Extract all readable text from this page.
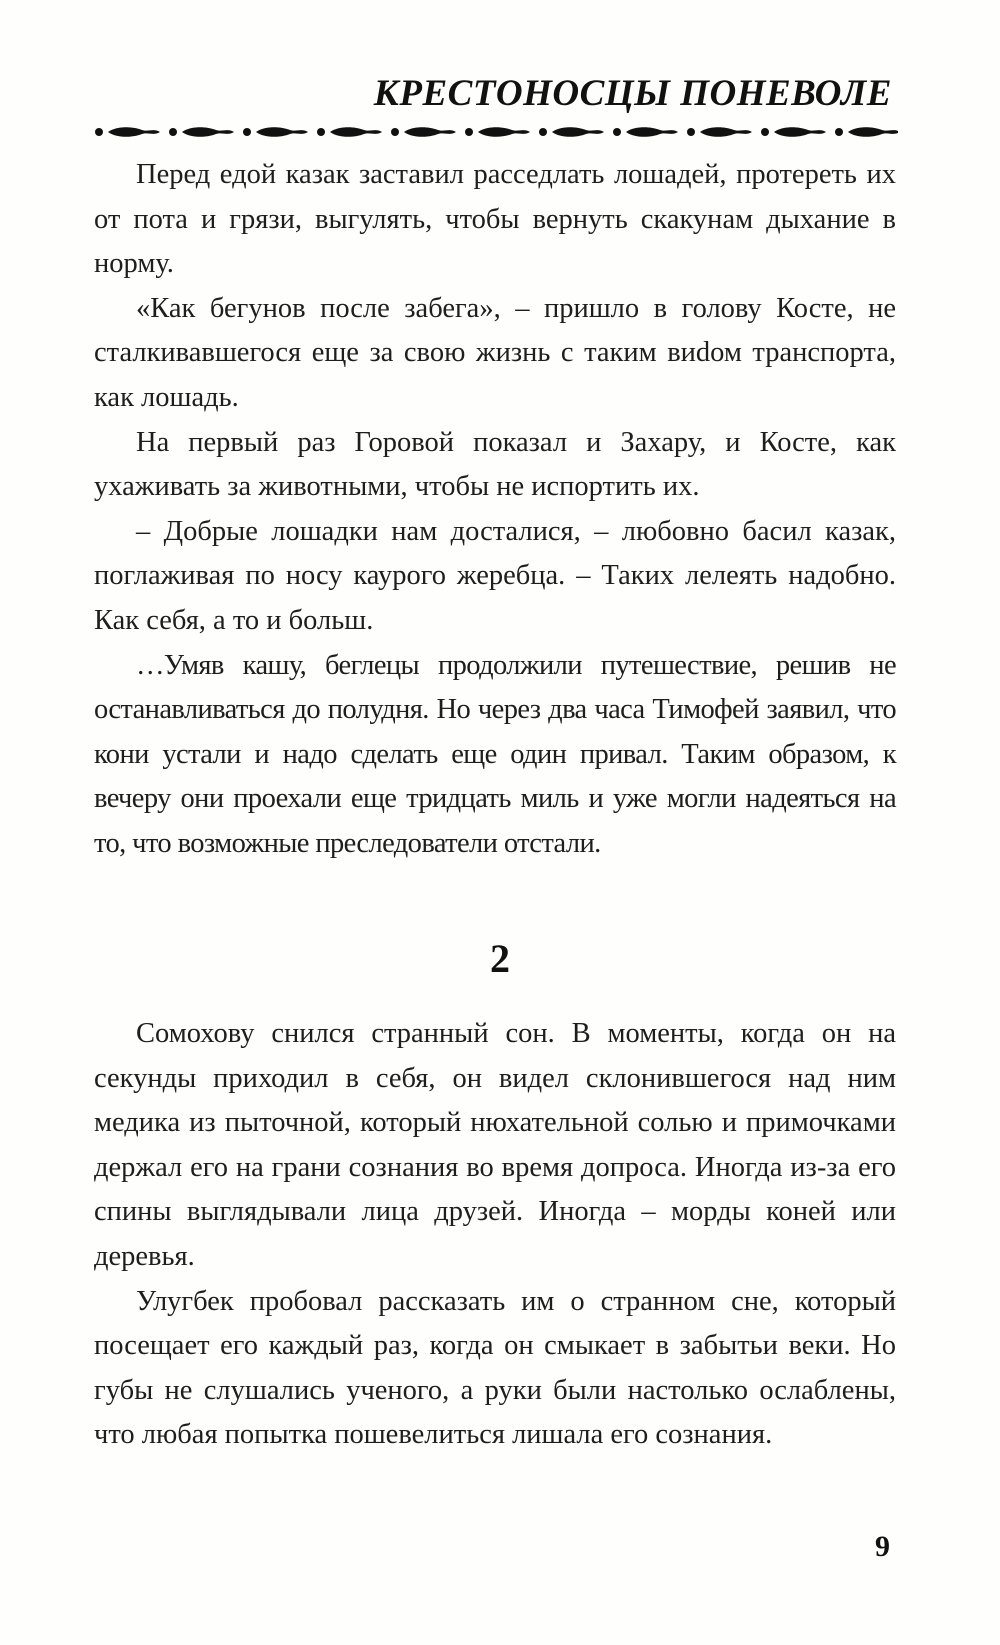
КРЕСТОНОСЦЫ ПОНЕВОЛЕ

Перед едой казак заставил расседлать лошадей, протереть их от пота и грязи, выгулять, чтобы вернуть скакунам дыхание в норму.

«Как бегунов после забега», – пришло в голову Косте, не сталкивавшегося еще за свою жизнь с таким виdом транспорта, как лошадь.

На первый раз Горовой показал и Захару, и Косте, как ухаживать за животными, чтобы не испортить их.

– Добрые лошадки нам досталися, – любовно басил казак, поглаживая по носу каурого жеребца. – Таких лелеять надобно. Как себя, а то и больш.

…Умяв кашу, беглецы продолжили путешествие, решив не останавливаться до полудня. Но через два часа Тимофей заявил, что кони устали и надо сделать еще один привал. Таким образом, к вечеру они проехали еще тридцать миль и уже могли надеяться на то, что возможные преследователи отстали.

2

Сомохову снился странный сон. В моменты, когда он на секунды приходил в себя, он видел склонившегося над ним медика из пыточной, который нюхательной солью и примочками держал его на грани сознания во время допроса. Иногда из-за его спины выглядывали лица друзей. Иногда – морды коней или деревья.

Улугбек пробовал рассказать им о странном сне, который посещает его каждый раз, когда он смыкает в забытьи веки. Но губы не слушались ученого, а руки были настолько ослаблены, что любая попытка пошевелиться лишала его сознания.

9
